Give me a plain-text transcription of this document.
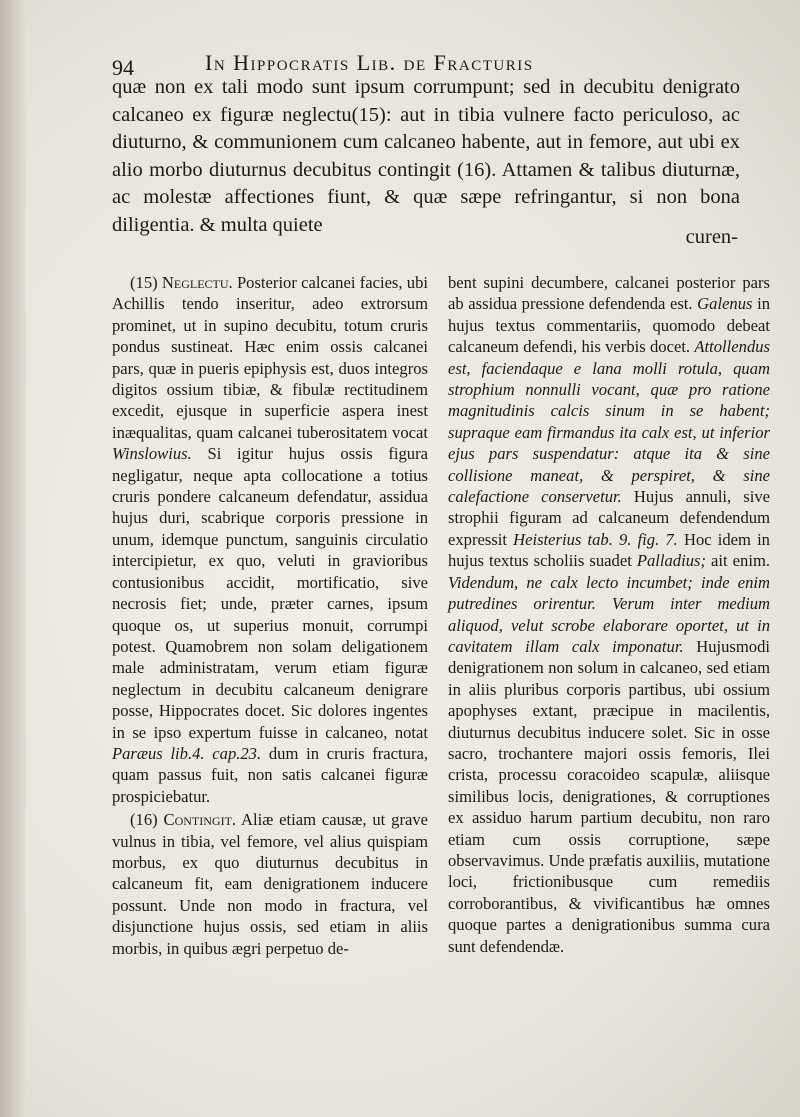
94	In Hippocratis Lib. de Fracturis

quæ non ex tali modo sunt ipsum corrumpunt; sed in decubitu denigrato calcaneo ex figuræ neglectu(15): aut in tibia vulnere facto periculoso, ac diuturno, & communionem cum calcaneo habente, aut in femore, aut ubi ex alio morbo diuturnus decubitus contingit (16). Attamen & talibus diuturnæ, ac molestæ affectiones fiunt, & quæ sæpe refringantur, si non bona diligentia. & multa quiete

curen-

(15) Neglectu. Posterior calcanei facies, ubi Achillis tendo inseritur, adeo extrorsum prominet, ut in supino decubitu, totum cruris pondus sustineat. Hæc enim ossis calcanei pars, quæ in pueris epiphysis est, duos integros digitos ossium tibiæ, & fibulæ rectitudinem excedit, ejusque in superficie aspera inest inæqualitas, quam calcanei tuberositatem vocat Winslowius. Si igitur hujus ossis figura negligatur, neque apta collocatione a totius cruris pondere calcaneum defendatur, assidua hujus duri, scabrique corporis pressione in unum, idemque punctum, sanguinis circulatio intercipietur, ex quo, veluti in gravioribus contusionibus accidit, mortificatio, sive necrosis fiet; unde, præter carnes, ipsum quoque os, ut superius monuit, corrumpi potest. Quamobrem non solam deligationem male administratam, verum etiam figuræ neglectum in decubitu calcaneum denigrare posse, Hippocrates docet. Sic dolores ingentes in se ipso expertum fuisse in calcaneo, notat Paræus lib.4. cap.23. dum in cruris fractura, quam passus fuit, non satis calcanei figuræ prospiciebatur.

(16) Contingit. Aliæ etiam causæ, ut grave vulnus in tibia, vel femore, vel alius quispiam morbus, ex quo diuturnus decubitus in calcaneum fit, eam denigrationem inducere possunt. Unde non modo in fractura, vel disjunctione hujus ossis, sed etiam in aliis morbis, in quibus ægri perpetuo de-

bent supini decumbere, calcanei posterior pars ab assidua pressione defendenda est. Galenus in hujus textus commentariis, quomodo debeat calcaneum defendi, his verbis docet. Attollendus est, faciendaque e lana molli rotula, quam strophium nonnulli vocant, quæ pro ratione magnitudinis calcis sinum in se habent; supraque eam firmandus ita calx est, ut inferior ejus pars suspendatur: atque ita & sine collisione maneat, & perspiret, & sine calefactione conservetur. Hujus annuli, sive strophii figuram ad calcaneum defendendum expressit Heisterius tab. 9. fig. 7. Hoc idem in hujus textus scholiis suadet Palladius; ait enim. Videndum, ne calx lecto incumbet; inde enim putredines orirentur. Verum inter medium aliquod, velut scrobe elaborare oportet, ut in cavitatem illam calx imponatur. Hujusmodi denigrationem non solum in calcaneo, sed etiam in aliis pluribus corporis partibus, ubi ossium apophyses extant, præcipue in macilentis, diuturnus decubitus inducere solet. Sic in osse sacro, trochantere majori ossis femoris, Ilei crista, processu coracoideo scapulæ, aliisque similibus locis, denigrationes, & corruptiones ex assiduo harum partium decubitu, non raro etiam cum ossis corruptione, sæpe observavimus. Unde præfatis auxiliis, mutatione loci, frictionibusque cum remediis corroborantibus, & vivificantibus hæ omnes quoque partes a denigrationibus summa cura sunt defendendæ.
